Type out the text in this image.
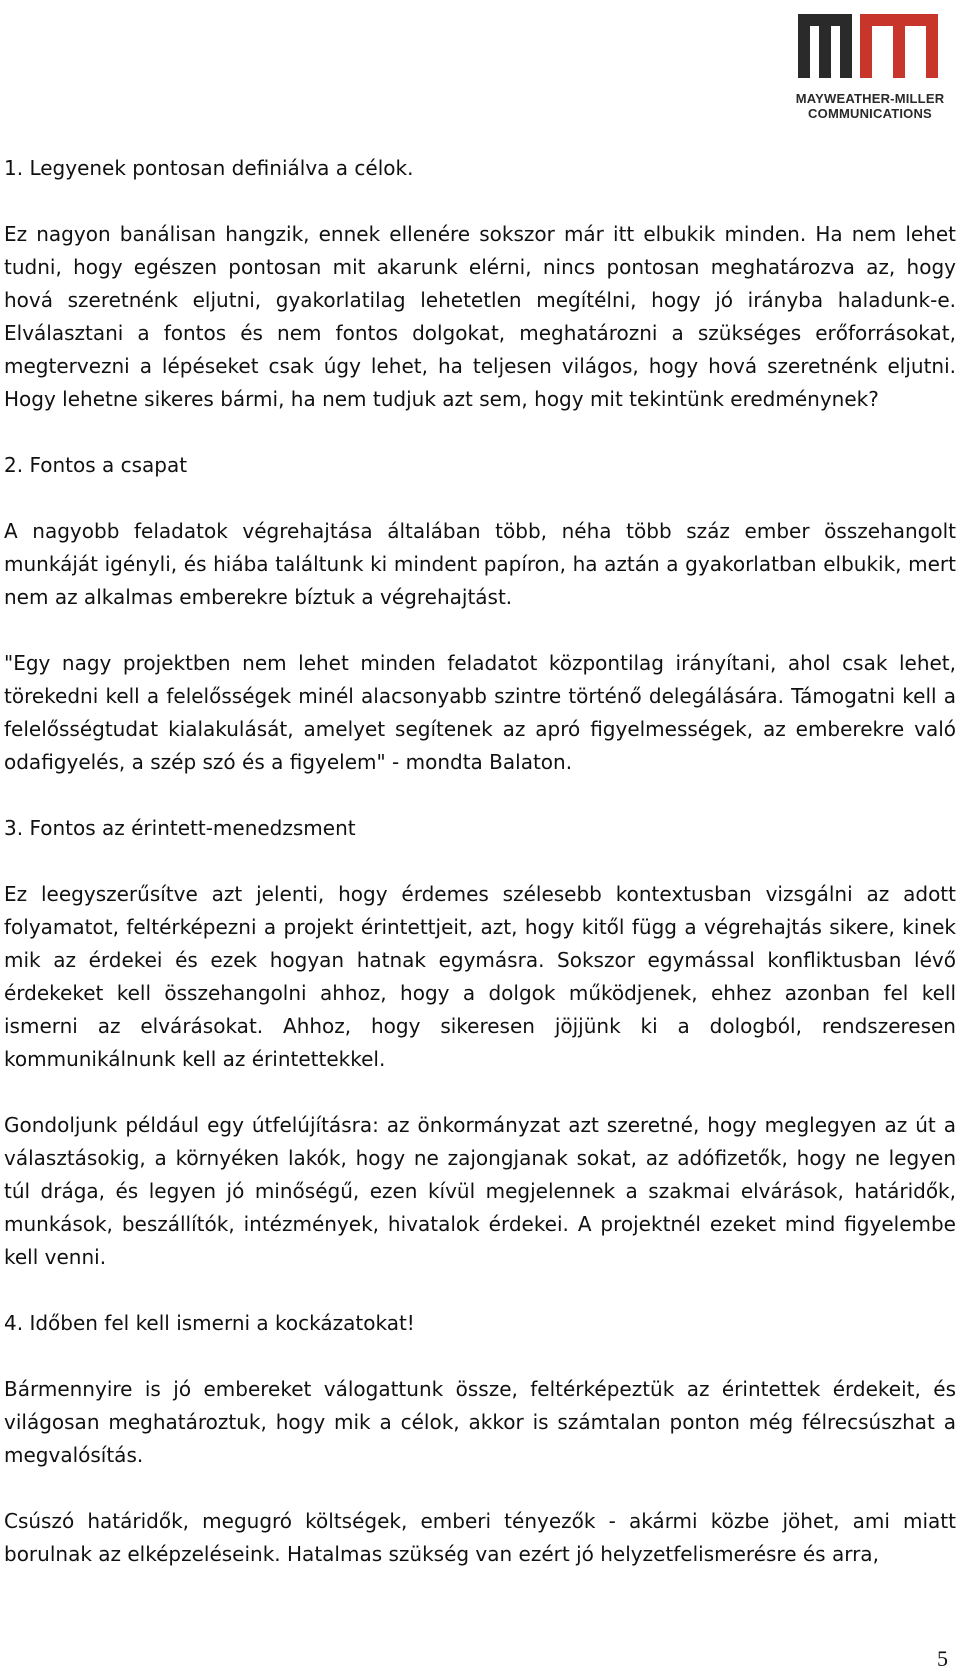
MAYWEATHER-MILLER
COMMUNICATIONS

1. Legyenek pontosan definiálva a célok.

Ez nagyon banálisan hangzik, ennek ellenére sokszor már itt elbukik minden. Ha nem lehet tudni, hogy egészen pontosan mit akarunk elérni, nincs pontosan meghatározva az, hogy hová szeretnénk eljutni, gyakorlatilag lehetetlen megítélni, hogy jó irányba haladunk-e. Elválasztani a fontos és nem fontos dolgokat, meghatározni a szükséges erőforrásokat, megtervezni a lépéseket csak úgy lehet, ha teljesen világos, hogy hová szeretnénk eljutni. Hogy lehetne sikeres bármi, ha nem tudjuk azt sem, hogy mit tekintünk eredménynek?

2. Fontos a csapat

A nagyobb feladatok végrehajtása általában több, néha több száz ember összehangolt munkáját igényli, és hiába találtunk ki mindent papíron, ha aztán a gyakorlatban elbukik, mert nem az alkalmas emberekre bíztuk a végrehajtást.

"Egy nagy projektben nem lehet minden feladatot központilag irányítani, ahol csak lehet, törekedni kell a felelősségek minél alacsonyabb szintre történő delegálására. Támogatni kell a felelősségtudat kialakulását, amelyet segítenek az apró figyelmességek, az emberekre való odafigyelés, a szép szó és a figyelem" - mondta Balaton.

3. Fontos az érintett-menedzsment

Ez leegyszerűsítve azt jelenti, hogy érdemes szélesebb kontextusban vizsgálni az adott folyamatot, feltérképezni a projekt érintettjeit, azt, hogy kitől függ a végrehajtás sikere, kinek mik az érdekei és ezek hogyan hatnak egymásra. Sokszor egymással konfliktusban lévő érdekeket kell összehangolni ahhoz, hogy a dolgok működjenek, ehhez azonban fel kell ismerni az elvárásokat. Ahhoz, hogy sikeresen jöjjünk ki a dologból, rendszeresen kommunikálnunk kell az érintettekkel.

Gondoljunk például egy útfelújításra: az önkormányzat azt szeretné, hogy meglegyen az út a választásokig, a környéken lakók, hogy ne zajongjanak sokat, az adófizetők, hogy ne legyen túl drága, és legyen jó minőségű, ezen kívül megjelennek a szakmai elvárások, határidők, munkások, beszállítók, intézmények, hivatalok érdekei. A projektnél ezeket mind figyelembe kell venni.

4. Időben fel kell ismerni a kockázatokat!

Bármennyire is jó embereket válogattunk össze, feltérképeztük az érintettek érdekeit, és világosan meghatároztuk, hogy mik a célok, akkor is számtalan ponton még félrecsúszhat a megvalósítás.

Csúszó határidők, megugró költségek, emberi tényezők - akármi közbe jöhet, ami miatt borulnak az elképzeléseink. Hatalmas szükség van ezért jó helyzetfelismerésre és arra,

5
